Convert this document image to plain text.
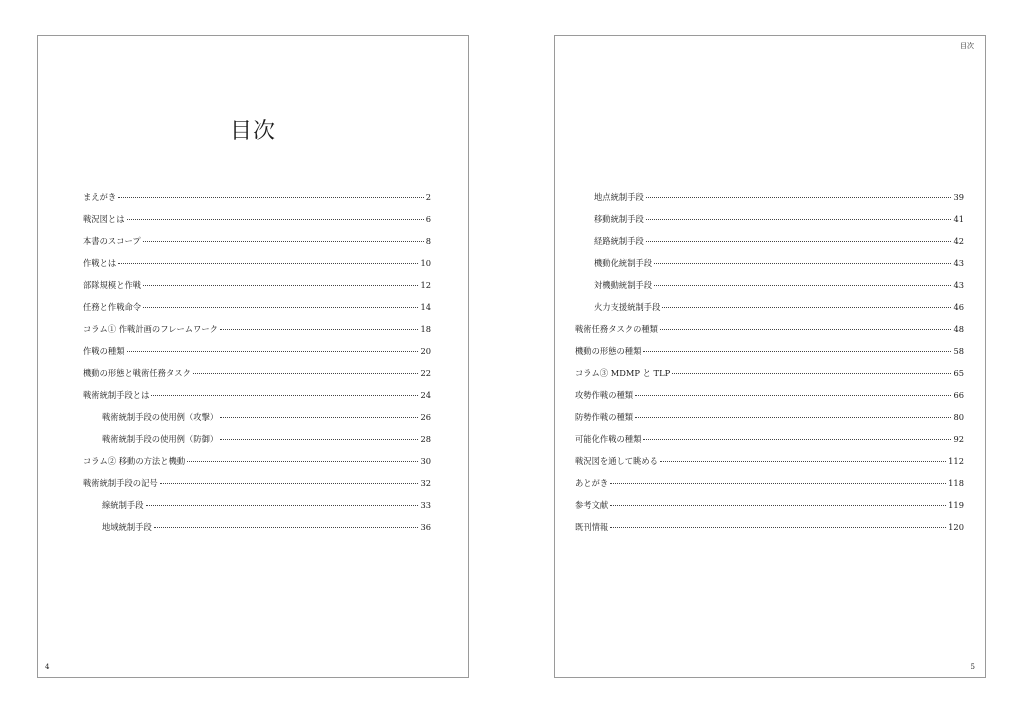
目次
まえがき	2
戦況図とは	6
本書のスコープ	8
作戦とは	10
部隊規模と作戦	12
任務と作戦命令	14
コラム① 作戦計画のフレームワーク	18
作戦の種類	20
機動の形態と戦術任務タスク	22
戦術統制手段とは	24
戦術統制手段の使用例（攻撃）	26
戦術統制手段の使用例（防御）	28
コラム② 移動の方法と機動	30
戦術統制手段の記号	32
線統制手段	33
地域統制手段	36
4
目次
地点統制手段	39
移動統制手段	41
経路統制手段	42
機動化統制手段	43
対機動統制手段	43
火力支援統制手段	46
戦術任務タスクの種類	48
機動の形態の種類	58
コラム③ MDMP と TLP	65
攻勢作戦の種類	66
防勢作戦の種類	80
可能化作戦の種類	92
戦況図を通して眺める	112
あとがき	118
参考文献	119
既刊情報	120
5
